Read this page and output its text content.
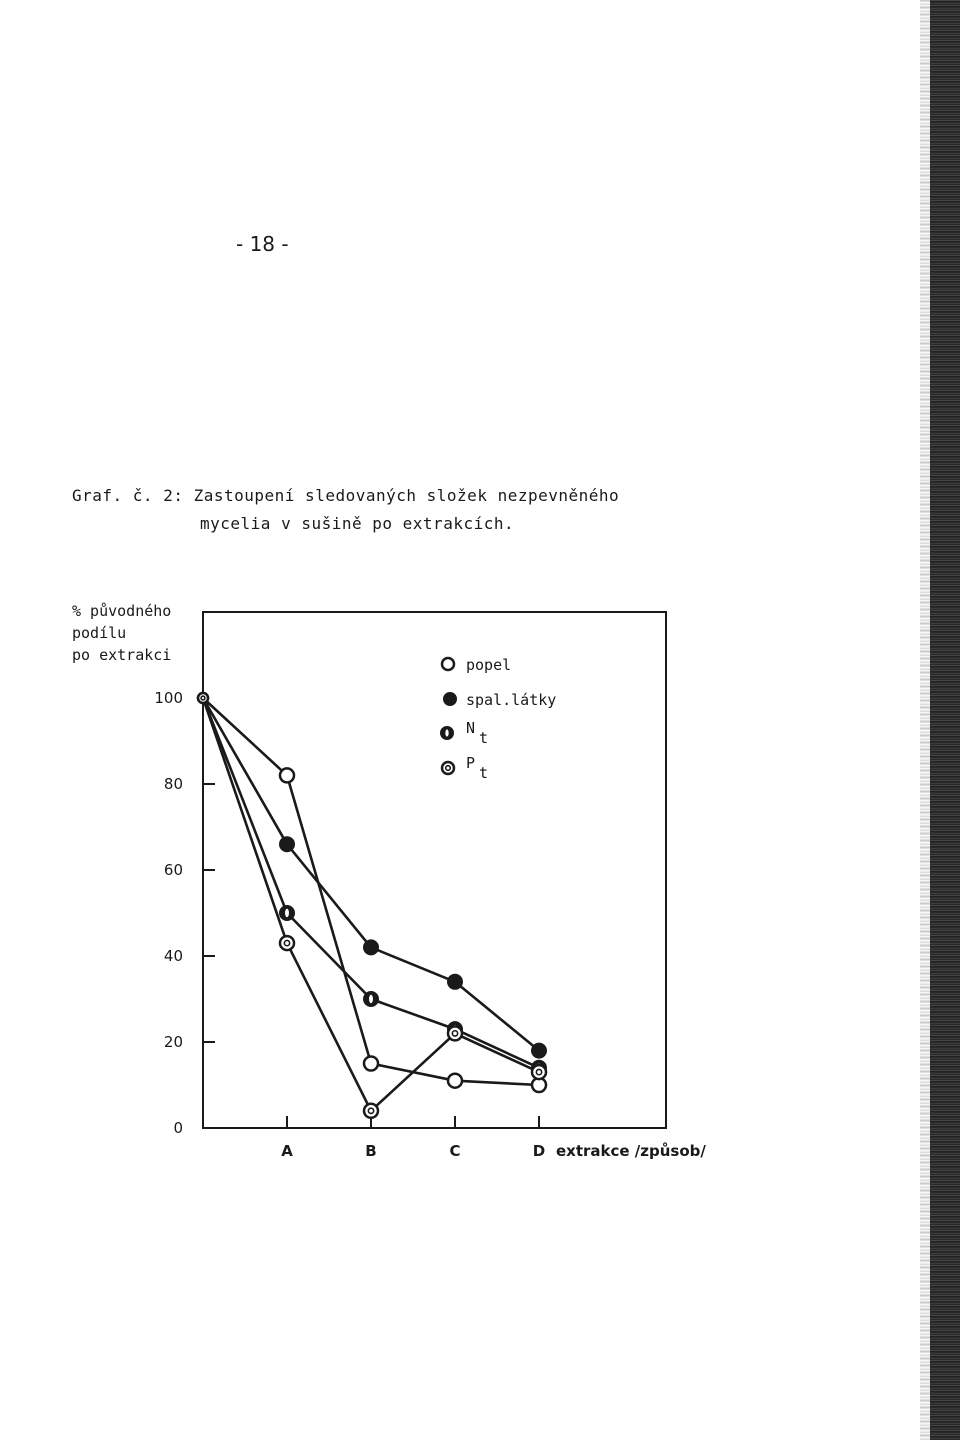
- 18 -
Graf. č. 2: Zastoupení sledovaných složek nezpevněného
mycelia v sušině po extrakcích.
% původného
podílu
po extrakci
0
20
40
60
80
100
A	B	C	D extrakce /způsob/
popel
spal.látky
N
t
P
t
